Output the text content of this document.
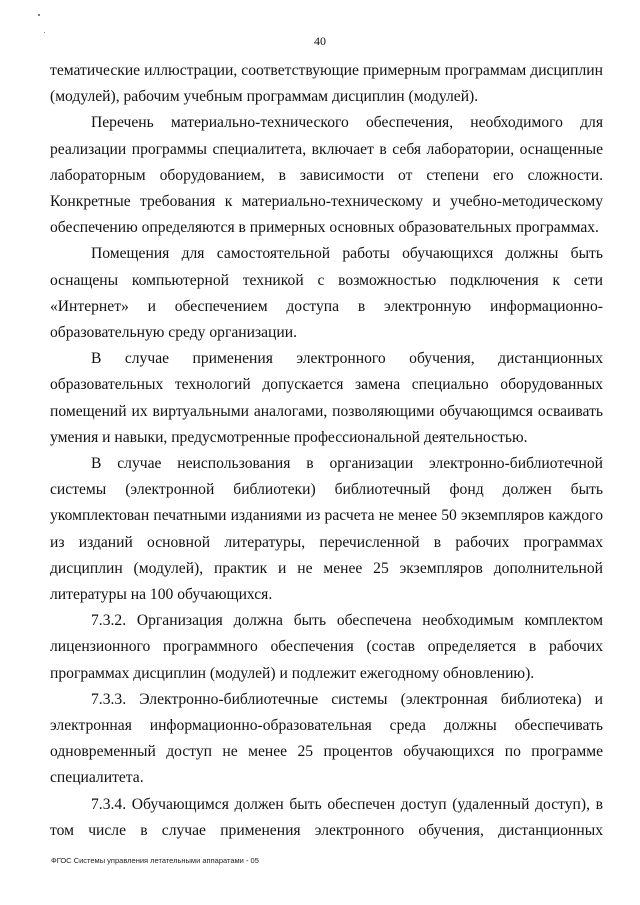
40

тематические иллюстрации, соответствующие примерным программам дисциплин (модулей), рабочим учебным программам дисциплин (модулей).

Перечень материально-технического обеспечения, необходимого для реализации программы специалитета, включает в себя лаборатории, оснащенные лабораторным оборудованием, в зависимости от степени его сложности. Конкретные требования к материально-техническому и учебно-методическому обеспечению определяются в примерных основных образовательных программах.

Помещения для самостоятельной работы обучающихся должны быть оснащены компьютерной техникой с возможностью подключения к сети «Интернет» и обеспечением доступа в электронную информационно-образовательную среду организации.

В случае применения электронного обучения, дистанционных образовательных технологий допускается замена специально оборудованных помещений их виртуальными аналогами, позволяющими обучающимся осваивать умения и навыки, предусмотренные профессиональной деятельностью.

В случае неиспользования в организации электронно-библиотечной системы (электронной библиотеки) библиотечный фонд должен быть укомплектован печатными изданиями из расчета не менее 50 экземпляров каждого из изданий основной литературы, перечисленной в рабочих программах дисциплин (модулей), практик и не менее 25 экземпляров дополнительной литературы на 100 обучающихся.

7.3.2. Организация должна быть обеспечена необходимым комплектом лицензионного программного обеспечения (состав определяется в рабочих программах дисциплин (модулей) и подлежит ежегодному обновлению).

7.3.3. Электронно-библиотечные системы (электронная библиотека) и электронная информационно-образовательная среда должны обеспечивать одновременный доступ не менее 25 процентов обучающихся по программе специалитета.

7.3.4. Обучающимся должен быть обеспечен доступ (удаленный доступ), в том числе в случае применения электронного обучения, дистанционных

ФГОС Системы управления летательными аппаратами - 05
